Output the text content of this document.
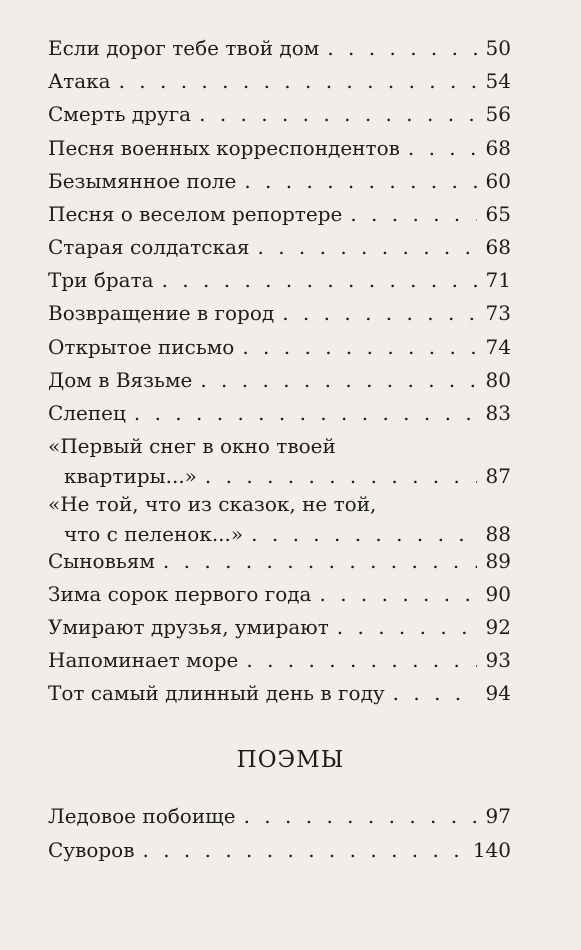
Если дорог тебе твой дом . . .	50
Атака . . .	54
Смерть друга . . .	56
Песня военных корреспондентов . . .	68
Безымянное поле . . .	60
Песня о веселом репортере . . .	65
Старая солдатская . . .	68
Три брата . . .	71
Возвращение в город . . .	73
Открытое письмо . . .	74
Дом в Вязьме . . .	80
Слепец . . .	83
«Первый снег в окно твоей
квартиры...» . . .	87
«Не той, что из сказок, не той,
что с пеленок...» . . .	88
Сыновьям . . .	89
Зима сорок первого года . . .	90
Умирают друзья, умирают . . .	92
Напоминает море . . .	93
Тот самый длинный день в году . . .	94
ПОЭМЫ
Ледовое побоище . . .	97
Суворов . . .	140
